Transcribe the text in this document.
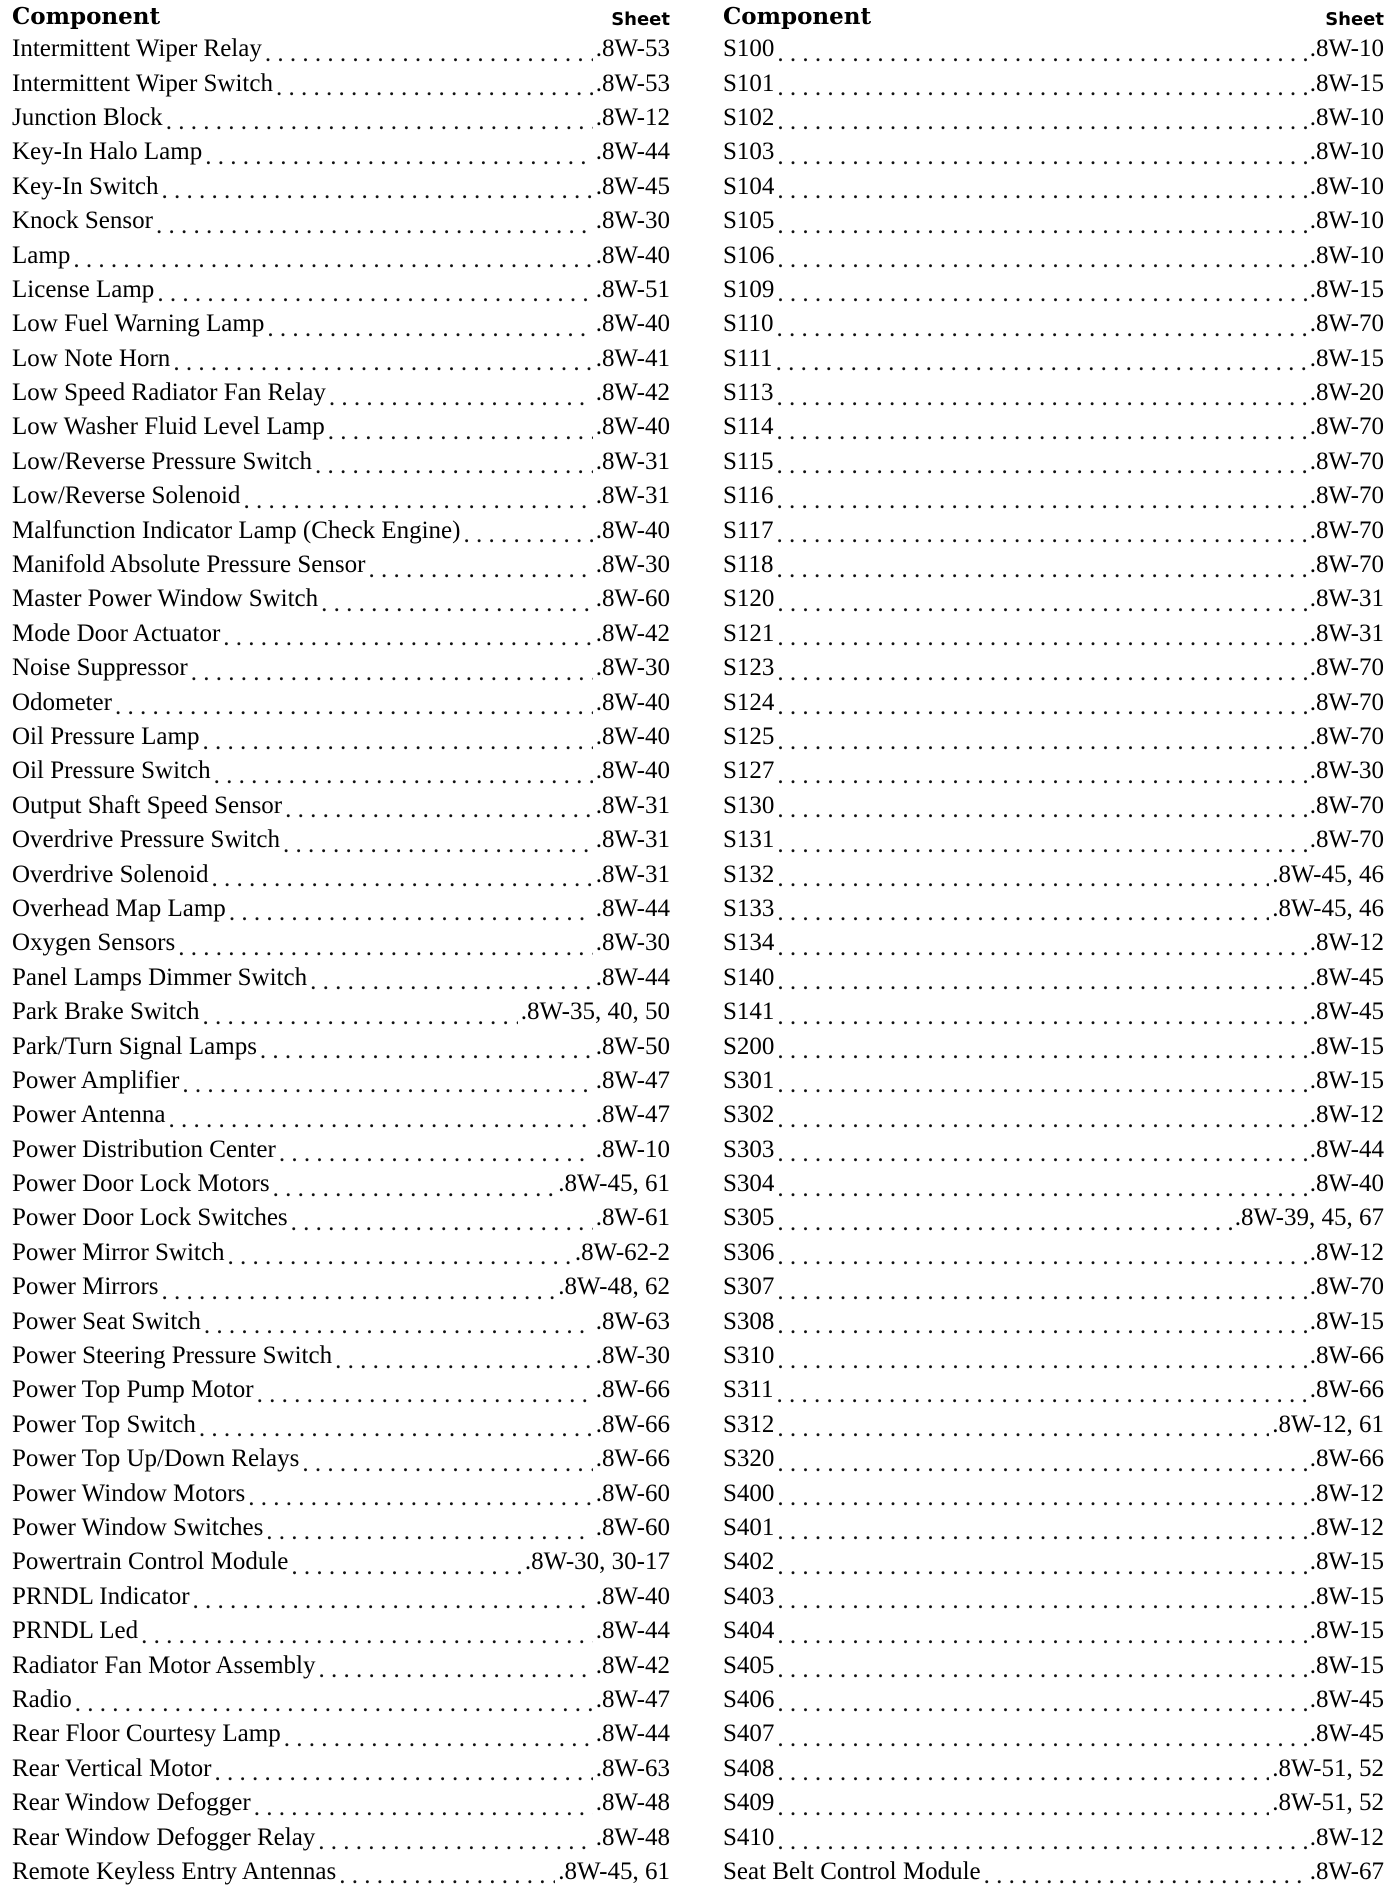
Component	Sheet
Intermittent Wiper Relay . . .	.8W-53
Intermittent Wiper Switch . . .	.8W-53
Junction Block . . .	.8W-12
Key-In Halo Lamp . . .	.8W-44
Key-In Switch . . .	.8W-45
Knock Sensor . . .	.8W-30
Lamp . . .	.8W-40
License Lamp . . .	.8W-51
Low Fuel Warning Lamp . . .	.8W-40
Low Note Horn . . .	.8W-41
Low Speed Radiator Fan Relay . . .	.8W-42
Low Washer Fluid Level Lamp . . .	.8W-40
Low/Reverse Pressure Switch . . .	.8W-31
Low/Reverse Solenoid . . .	.8W-31
Malfunction Indicator Lamp (Check Engine) . . .	.8W-40
Manifold Absolute Pressure Sensor . . .	.8W-30
Master Power Window Switch . . .	.8W-60
Mode Door Actuator . . .	.8W-42
Noise Suppressor . . .	.8W-30
Odometer . . .	.8W-40
Oil Pressure Lamp . . .	.8W-40
Oil Pressure Switch . . .	.8W-40
Output Shaft Speed Sensor . . .	.8W-31
Overdrive Pressure Switch . . .	.8W-31
Overdrive Solenoid . . .	.8W-31
Overhead Map Lamp . . .	.8W-44
Oxygen Sensors . . .	.8W-30
Panel Lamps Dimmer Switch . . .	.8W-44
Park Brake Switch . . .	.8W-35, 40, 50
Park/Turn Signal Lamps . . .	.8W-50
Power Amplifier . . .	.8W-47
Power Antenna . . .	.8W-47
Power Distribution Center . . .	.8W-10
Power Door Lock Motors . . .	.8W-45, 61
Power Door Lock Switches . . .	.8W-61
Power Mirror Switch . . .	.8W-62-2
Power Mirrors . . .	.8W-48, 62
Power Seat Switch . . .	.8W-63
Power Steering Pressure Switch . . .	.8W-30
Power Top Pump Motor . . .	.8W-66
Power Top Switch . . .	.8W-66
Power Top Up/Down Relays . . .	.8W-66
Power Window Motors . . .	.8W-60
Power Window Switches . . .	.8W-60
Powertrain Control Module . . .	.8W-30, 30-17
PRNDL Indicator . . .	.8W-40
PRNDL Led . . .	.8W-44
Radiator Fan Motor Assembly . . .	.8W-42
Radio . . .	.8W-47
Rear Floor Courtesy Lamp . . .	.8W-44
Rear Vertical Motor . . .	.8W-63
Rear Window Defogger . . .	.8W-48
Rear Window Defogger Relay . . .	.8W-48
Remote Keyless Entry Antennas . . .	.8W-45, 61
Component	Sheet
S100 . . .	.8W-10
S101 . . .	.8W-15
S102 . . .	.8W-10
S103 . . .	.8W-10
S104 . . .	.8W-10
S105 . . .	.8W-10
S106 . . .	.8W-10
S109 . . .	.8W-15
S110 . . .	.8W-70
S111 . . .	.8W-15
S113 . . .	.8W-20
S114 . . .	.8W-70
S115 . . .	.8W-70
S116 . . .	.8W-70
S117 . . .	.8W-70
S118 . . .	.8W-70
S120 . . .	.8W-31
S121 . . .	.8W-31
S123 . . .	.8W-70
S124 . . .	.8W-70
S125 . . .	.8W-70
S127 . . .	.8W-30
S130 . . .	.8W-70
S131 . . .	.8W-70
S132 . . .	.8W-45, 46
S133 . . .	.8W-45, 46
S134 . . .	.8W-12
S140 . . .	.8W-45
S141 . . .	.8W-45
S200 . . .	.8W-15
S301 . . .	.8W-15
S302 . . .	.8W-12
S303 . . .	.8W-44
S304 . . .	.8W-40
S305 . . .	.8W-39, 45, 67
S306 . . .	.8W-12
S307 . . .	.8W-70
S308 . . .	.8W-15
S310 . . .	.8W-66
S311 . . .	.8W-66
S312 . . .	.8W-12, 61
S320 . . .	.8W-66
S400 . . .	.8W-12
S401 . . .	.8W-12
S402 . . .	.8W-15
S403 . . .	.8W-15
S404 . . .	.8W-15
S405 . . .	.8W-15
S406 . . .	.8W-45
S407 . . .	.8W-45
S408 . . .	.8W-51, 52
S409 . . .	.8W-51, 52
S410 . . .	.8W-12
Seat Belt Control Module . . .	.8W-67
